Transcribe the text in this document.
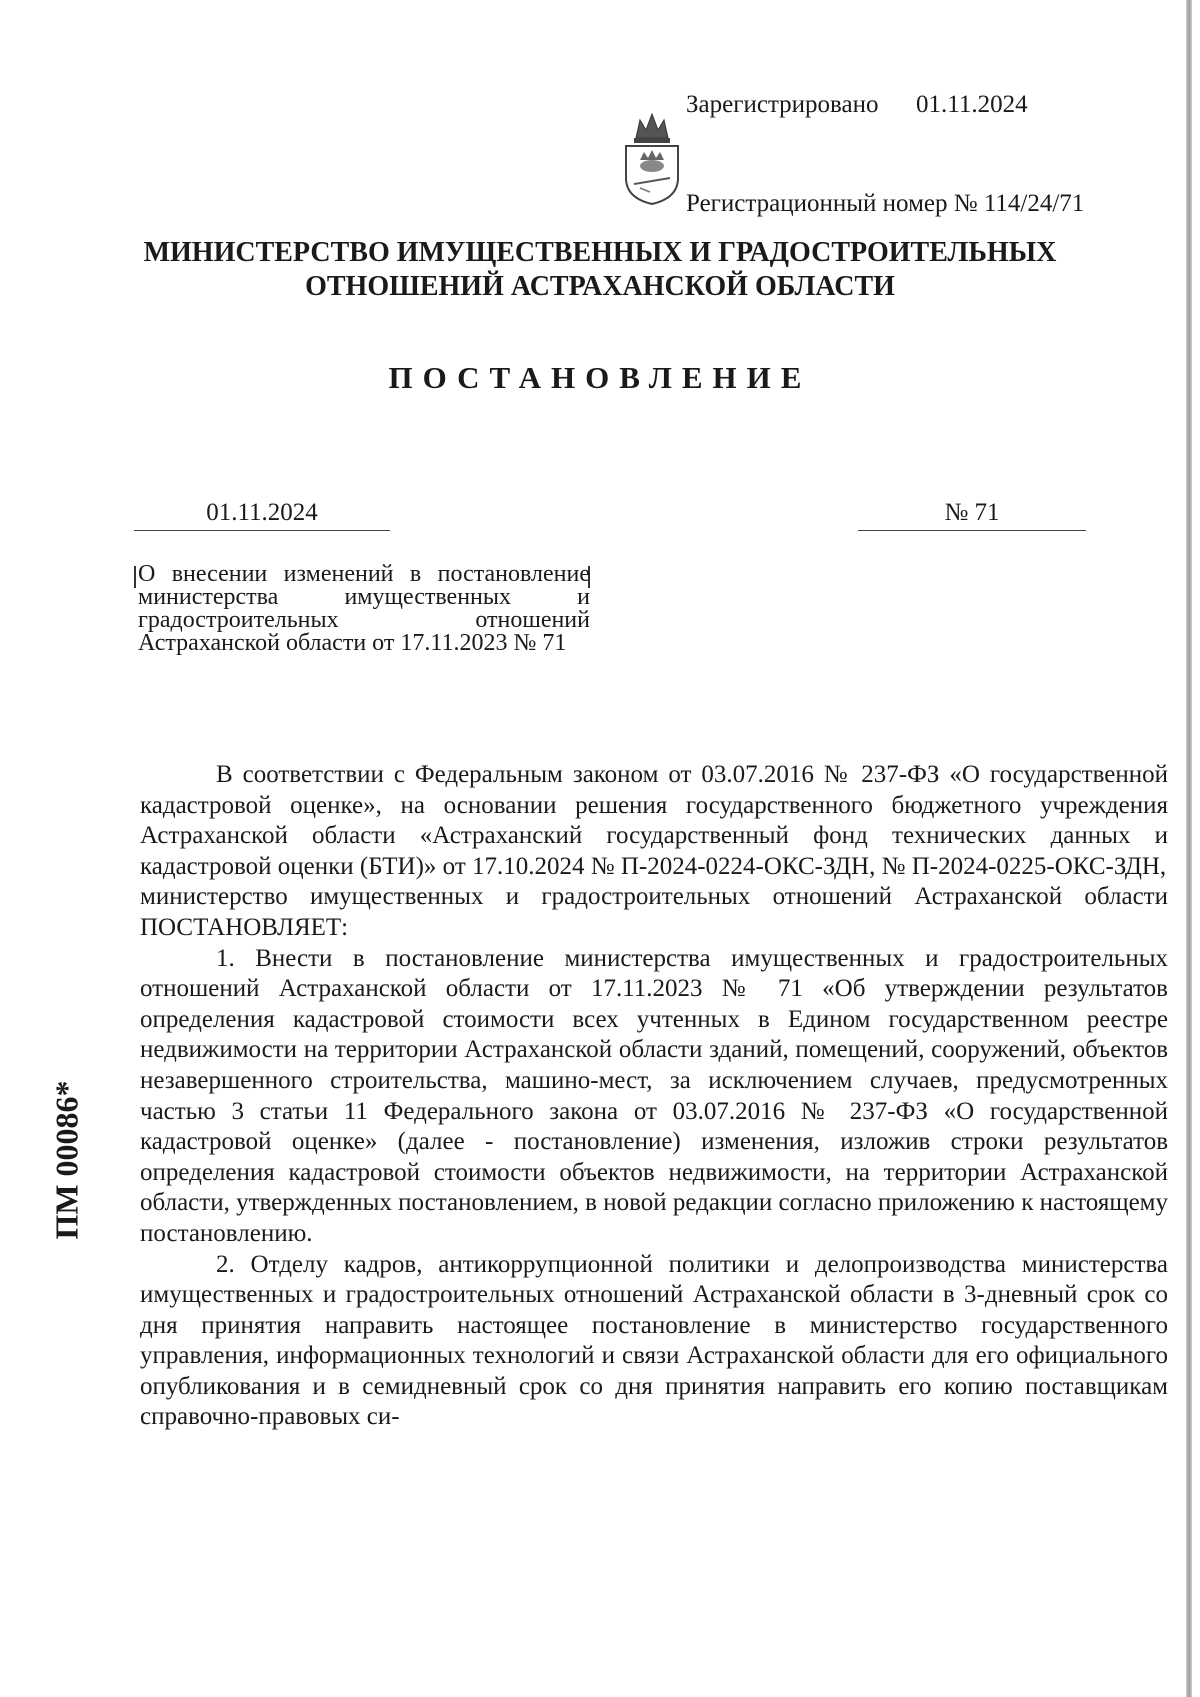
Зарегистрировано      01.11.2024

Регистрационный номер № 114/24/71

МИНИСТЕРСТВО ИМУЩЕСТВЕННЫХ И ГРАДОСТРОИТЕЛЬНЫХ
ОТНОШЕНИЙ АСТРАХАНСКОЙ ОБЛАСТИ
ПОСТАНОВЛЕНИЕ
01.11.2024	№ 71
О внесении изменений в постановление министерства имущественных и градостроительных отношений Астраханской области от 17.11.2023 № 71

В соответствии с Федеральным законом от 03.07.2016 № 237-ФЗ «О государственной кадастровой оценке», на основании решения государственного бюджетного учреждения Астраханской области «Астраханский государственный фонд технических данных и кадастровой оценки (БТИ)» от 17.10.2024 № П-2024-0224-ОКС-ЗДН, № П-2024-0225-ОКС-ЗДН,

министерство имущественных и градостроительных отношений Астраханской области ПОСТАНОВЛЯЕТ:

1. Внести в постановление министерства имущественных и градостроительных отношений Астраханской области от 17.11.2023 № 71 «Об утверждении результатов определения кадастровой стоимости всех учтенных в Едином государственном реестре недвижимости на территории Астраханской области зданий, помещений, сооружений, объектов незавершенного строительства, машино-мест, за исключением случаев, предусмотренных частью 3 статьи 11 Федерального закона от 03.07.2016 № 237-ФЗ «О государственной кадастровой оценке» (далее - постановление) изменения, изложив строки результатов определения кадастровой стоимости объектов недвижимости, на территории Астраханской области, утвержденных постановлением, в новой редакции согласно приложению к настоящему постановлению.

2. Отделу кадров, антикоррупционной политики и делопроизводства министерства имущественных и градостроительных отношений Астраханской области в 3-дневный срок со дня принятия направить настоящее постановление в министерство государственного управления, информационных технологий и связи Астраханской области для его официального опубликования и в семидневный срок со дня принятия направить его копию поставщикам справочно-правовых си-

ПМ 00086*
